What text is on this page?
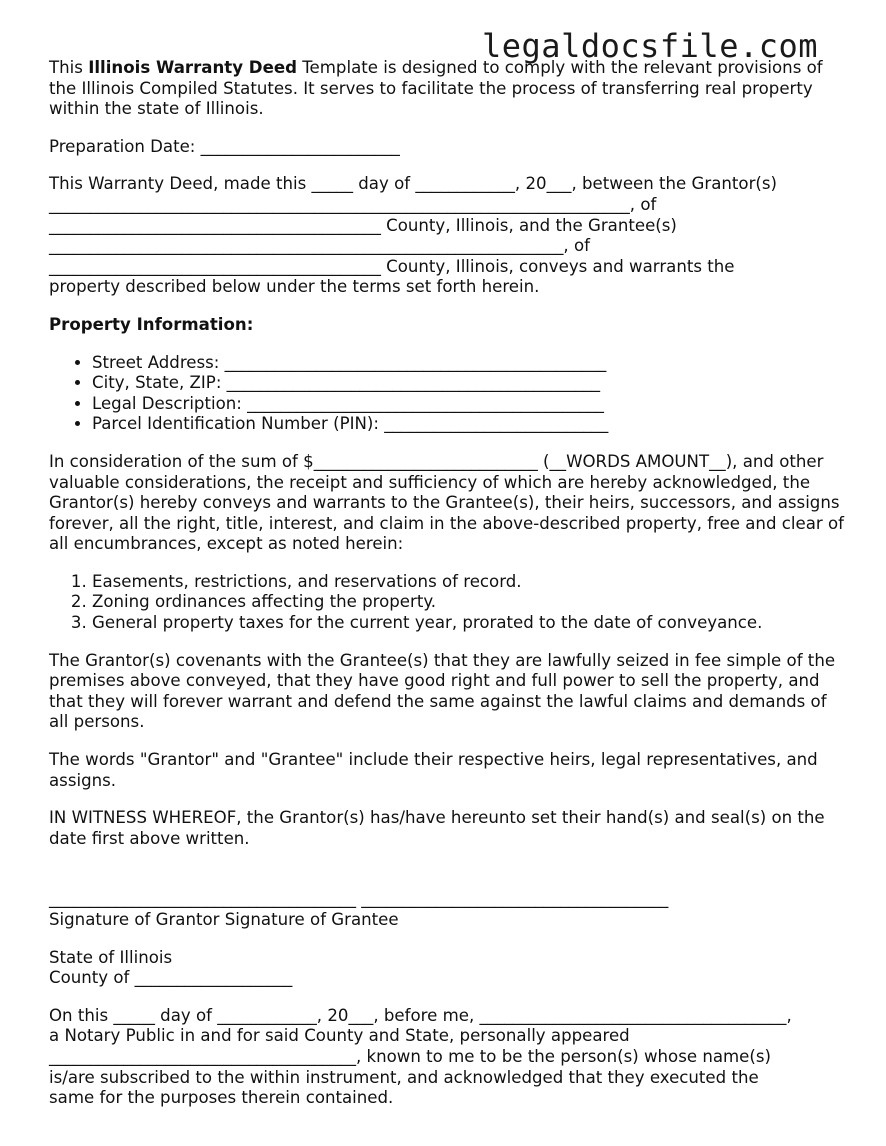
legaldocsfile.com

This Illinois Warranty Deed Template is designed to comply with the relevant provisions of the Illinois Compiled Statutes. It serves to facilitate the process of transferring real property within the state of Illinois.

Preparation Date: ________________________

This Warranty Deed, made this _____ day of ____________, 20___, between the Grantor(s)
______________________________________________________________________, of
________________________________________ County, Illinois, and the Grantee(s)
______________________________________________________________, of
________________________________________ County, Illinois, conveys and warrants the
property described below under the terms set forth herein.

Property Information:
• Street Address: ______________________________________________
• City, State, ZIP: _____________________________________________
• Legal Description: ___________________________________________
• Parcel Identification Number (PIN): ___________________________

In consideration of the sum of $___________________________ (__WORDS AMOUNT__), and other valuable considerations, the receipt and sufficiency of which are hereby acknowledged, the Grantor(s) hereby conveys and warrants to the Grantee(s), their heirs, successors, and assigns forever, all the right, title, interest, and claim in the above-described property, free and clear of all encumbrances, except as noted herein:

1. Easements, restrictions, and reservations of record.
2. Zoning ordinances affecting the property.
3. General property taxes for the current year, prorated to the date of conveyance.

The Grantor(s) covenants with the Grantee(s) that they are lawfully seized in fee simple of the premises above conveyed, that they have good right and full power to sell the property, and that they will forever warrant and defend the same against the lawful claims and demands of all persons.

The words "Grantor" and "Grantee" include their respective heirs, legal representatives, and assigns.

IN WITNESS WHEREOF, the Grantor(s) has/have hereunto set their hand(s) and seal(s) on the date first above written.

_____________________________________ _____________________________________
Signature of Grantor Signature of Grantee

State of Illinois
County of ___________________

On this _____ day of ____________, 20___, before me, _____________________________________,
a Notary Public in and for said County and State, personally appeared
_____________________________________, known to me to be the person(s) whose name(s)
is/are subscribed to the within instrument, and acknowledged that they executed the
same for the purposes therein contained.
